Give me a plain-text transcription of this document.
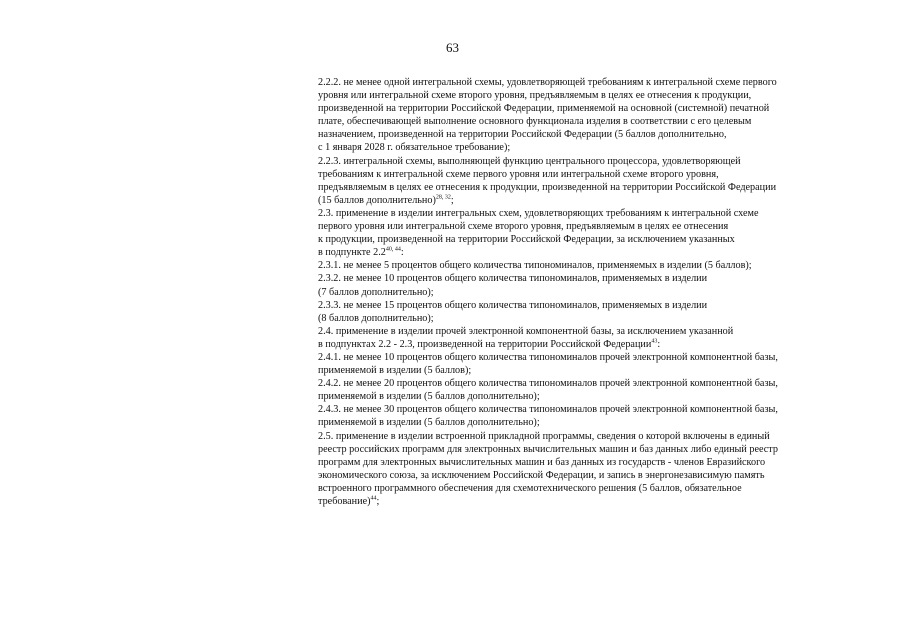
63
2.2.2. не менее одной интегральной схемы, удовлетворяющей требованиям к интегральной схеме первого
уровня или интегральной схеме второго уровня, предъявляемым в целях ее отнесения к продукции,
произведенной на территории Российской Федерации, применяемой на основной (системной) печатной
плате, обеспечивающей выполнение основного функционала изделия в соответствии с его целевым
назначением, произведенной на территории Российской Федерации (5 баллов дополнительно,
с 1 января 2028 г. обязательное требование);
2.2.3. интегральной схемы, выполняющей функцию центрального процессора, удовлетворяющей
требованиям к интегральной схеме первого уровня или интегральной схеме второго уровня,
предъявляемым в целях ее отнесения к продукции, произведенной на территории Российской Федерации
(15 баллов дополнительно)$^{28, 32}$;
2.3. применение в изделии интегральных схем, удовлетворяющих требованиям к интегральной схеме
первого уровня или интегральной схеме второго уровня, предъявляемым в целях ее отнесения
к продукции, произведенной на территории Российской Федерации, за исключением указанных
в подпункте 2.2$^{40, 44}$:
2.3.1. не менее 5 процентов общего количества типономиналов, применяемых в изделии (5 баллов);
2.3.2. не менее 10 процентов общего количества типономиналов, применяемых в изделии
(7 баллов дополнительно);
2.3.3. не менее 15 процентов общего количества типономиналов, применяемых в изделии
(8 баллов дополнительно);
2.4. применение в изделии прочей электронной компонентной базы, за исключением указанной
в подпунктах 2.2 - 2.3, произведенной на территории Российской Федерации$^{43}$:
2.4.1. не менее 10 процентов общего количества типономиналов прочей электронной компонентной базы,
применяемой в изделии (5 баллов);
2.4.2. не менее 20 процентов общего количества типономиналов прочей электронной компонентной базы,
применяемой в изделии (5 баллов дополнительно);
2.4.3. не менее 30 процентов общего количества типономиналов прочей электронной компонентной базы,
применяемой в изделии (5 баллов дополнительно);
2.5. применение в изделии встроенной прикладной программы, сведения о которой включены в единый
реестр российских программ для электронных вычислительных машин и баз данных либо единый реестр
программ для электронных вычислительных машин и баз данных из государств - членов Евразийского
экономического союза, за исключением Российской Федерации, и запись в энергонезависимую память
встроенного программного обеспечения для схемотехнического решения (5 баллов, обязательное
требование)$^{44}$;
